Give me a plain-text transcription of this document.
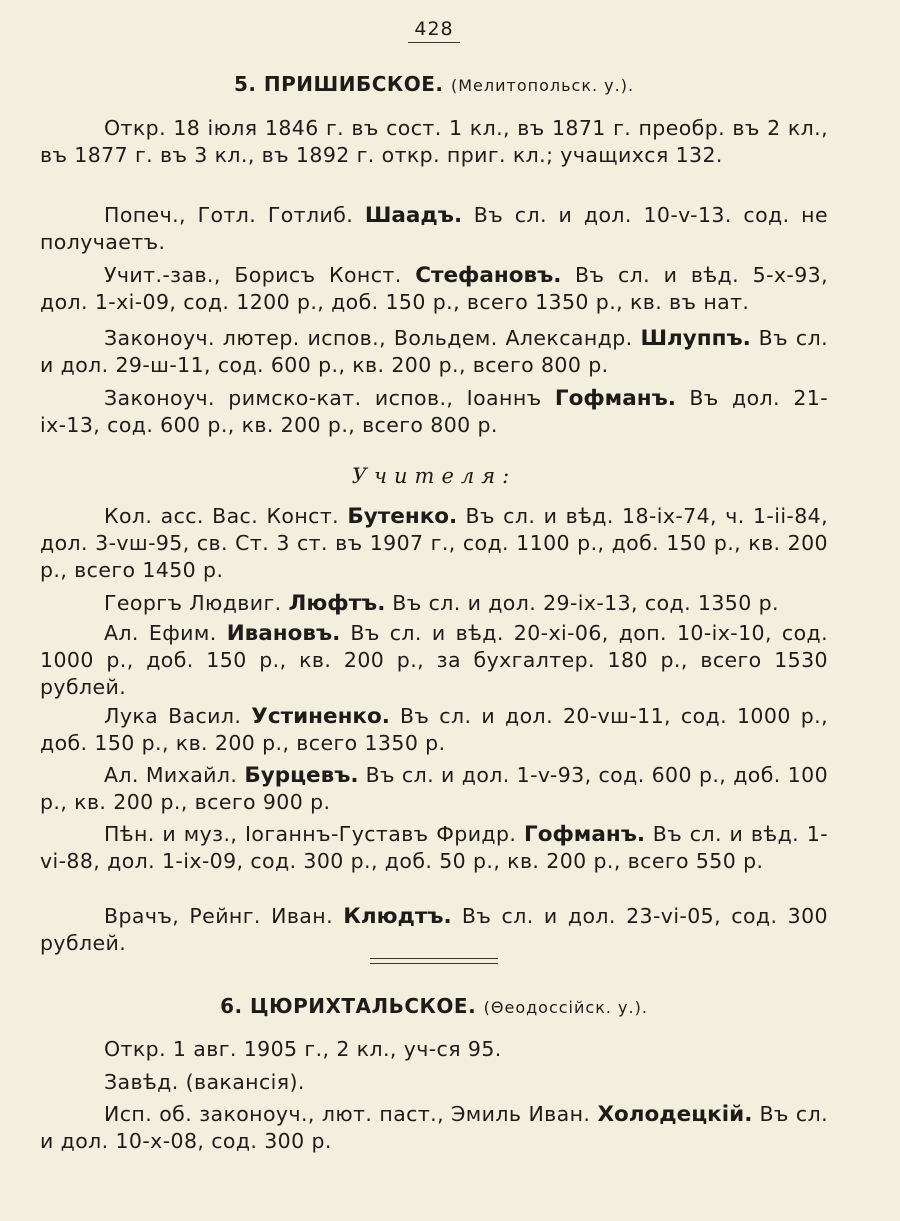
428
5. ПРИШИБСКОЕ. (Мелитопольск. у.).
Откр. 18 іюля 1846 г. въ сост. 1 кл., въ 1871 г. преобр. въ 2 кл., въ 1877 г. въ 3 кл., въ 1892 г. откр. приг. кл.; учащихся 132.
Попеч., Готл. Готлиб. Шаадъ. Въ сл. и дол. 10-v-13. сод. не получаетъ.
Учит.-зав., Борисъ Конст. Стефановъ. Въ сл. и вѣд. 5-х-93, дол. 1-хі-09, сод. 1200 р., доб. 150 р., всего 1350 р., кв. въ нат.
Законоуч. лютер. испов., Вольдем. Александр. Шлуппъ. Въ сл. и дол. 29-ш-11, сод. 600 р., кв. 200 р., всего 800 р.
Законоуч. римско-кат. испов., Іоаннъ Гофманъ. Въ дол. 21-іх-13, сод. 600 р., кв. 200 р., всего 800 р.
Учителя:
Кол. асс. Вас. Конст. Бутенко. Въ сл. и вѣд. 18-іх-74, ч. 1-іі-84, дол. 3-vш-95, св. Ст. 3 ст. въ 1907 г., сод. 1100 р., доб. 150 р., кв. 200 р., всего 1450 р.
Георгъ Людвиг. Люфтъ. Въ сл. и дол. 29-іх-13, сод. 1350 р.
Ал. Ефим. Ивановъ. Въ сл. и вѣд. 20-хі-06, доп. 10-іх-10, сод. 1000 р., доб. 150 р., кв. 200 р., за бухгалтер. 180 р., всего 1530 рублей.
Лука Васил. Устиненко. Въ сл. и дол. 20-vш-11, сод. 1000 р., доб. 150 р., кв. 200 р., всего 1350 р.
Ал. Михайл. Бурцевъ. Въ сл. и дол. 1-v-93, сод. 600 р., доб. 100 р., кв. 200 р., всего 900 р.
Пѣн. и муз., Іоганнъ-Густавъ Фридр. Гофманъ. Въ сл. и вѣд. 1-vі-88, дол. 1-іх-09, сод. 300 р., доб. 50 р., кв. 200 р., всего 550 р.
Врачъ, Рейнг. Иван. Клюдтъ. Въ сл. и дол. 23-vі-05, сод. 300 рублей.
6. ЦЮРИХТАЛЬСКОЕ. (Θеодоссійск. у.).
Откр. 1 авг. 1905 г., 2 кл., уч-ся 95.
Завѣд. (вакансія).
Исп. об. законоуч., лют. паст., Эмиль Иван. Холодецкій. Въ сл. и дол. 10-х-08, сод. 300 р.
